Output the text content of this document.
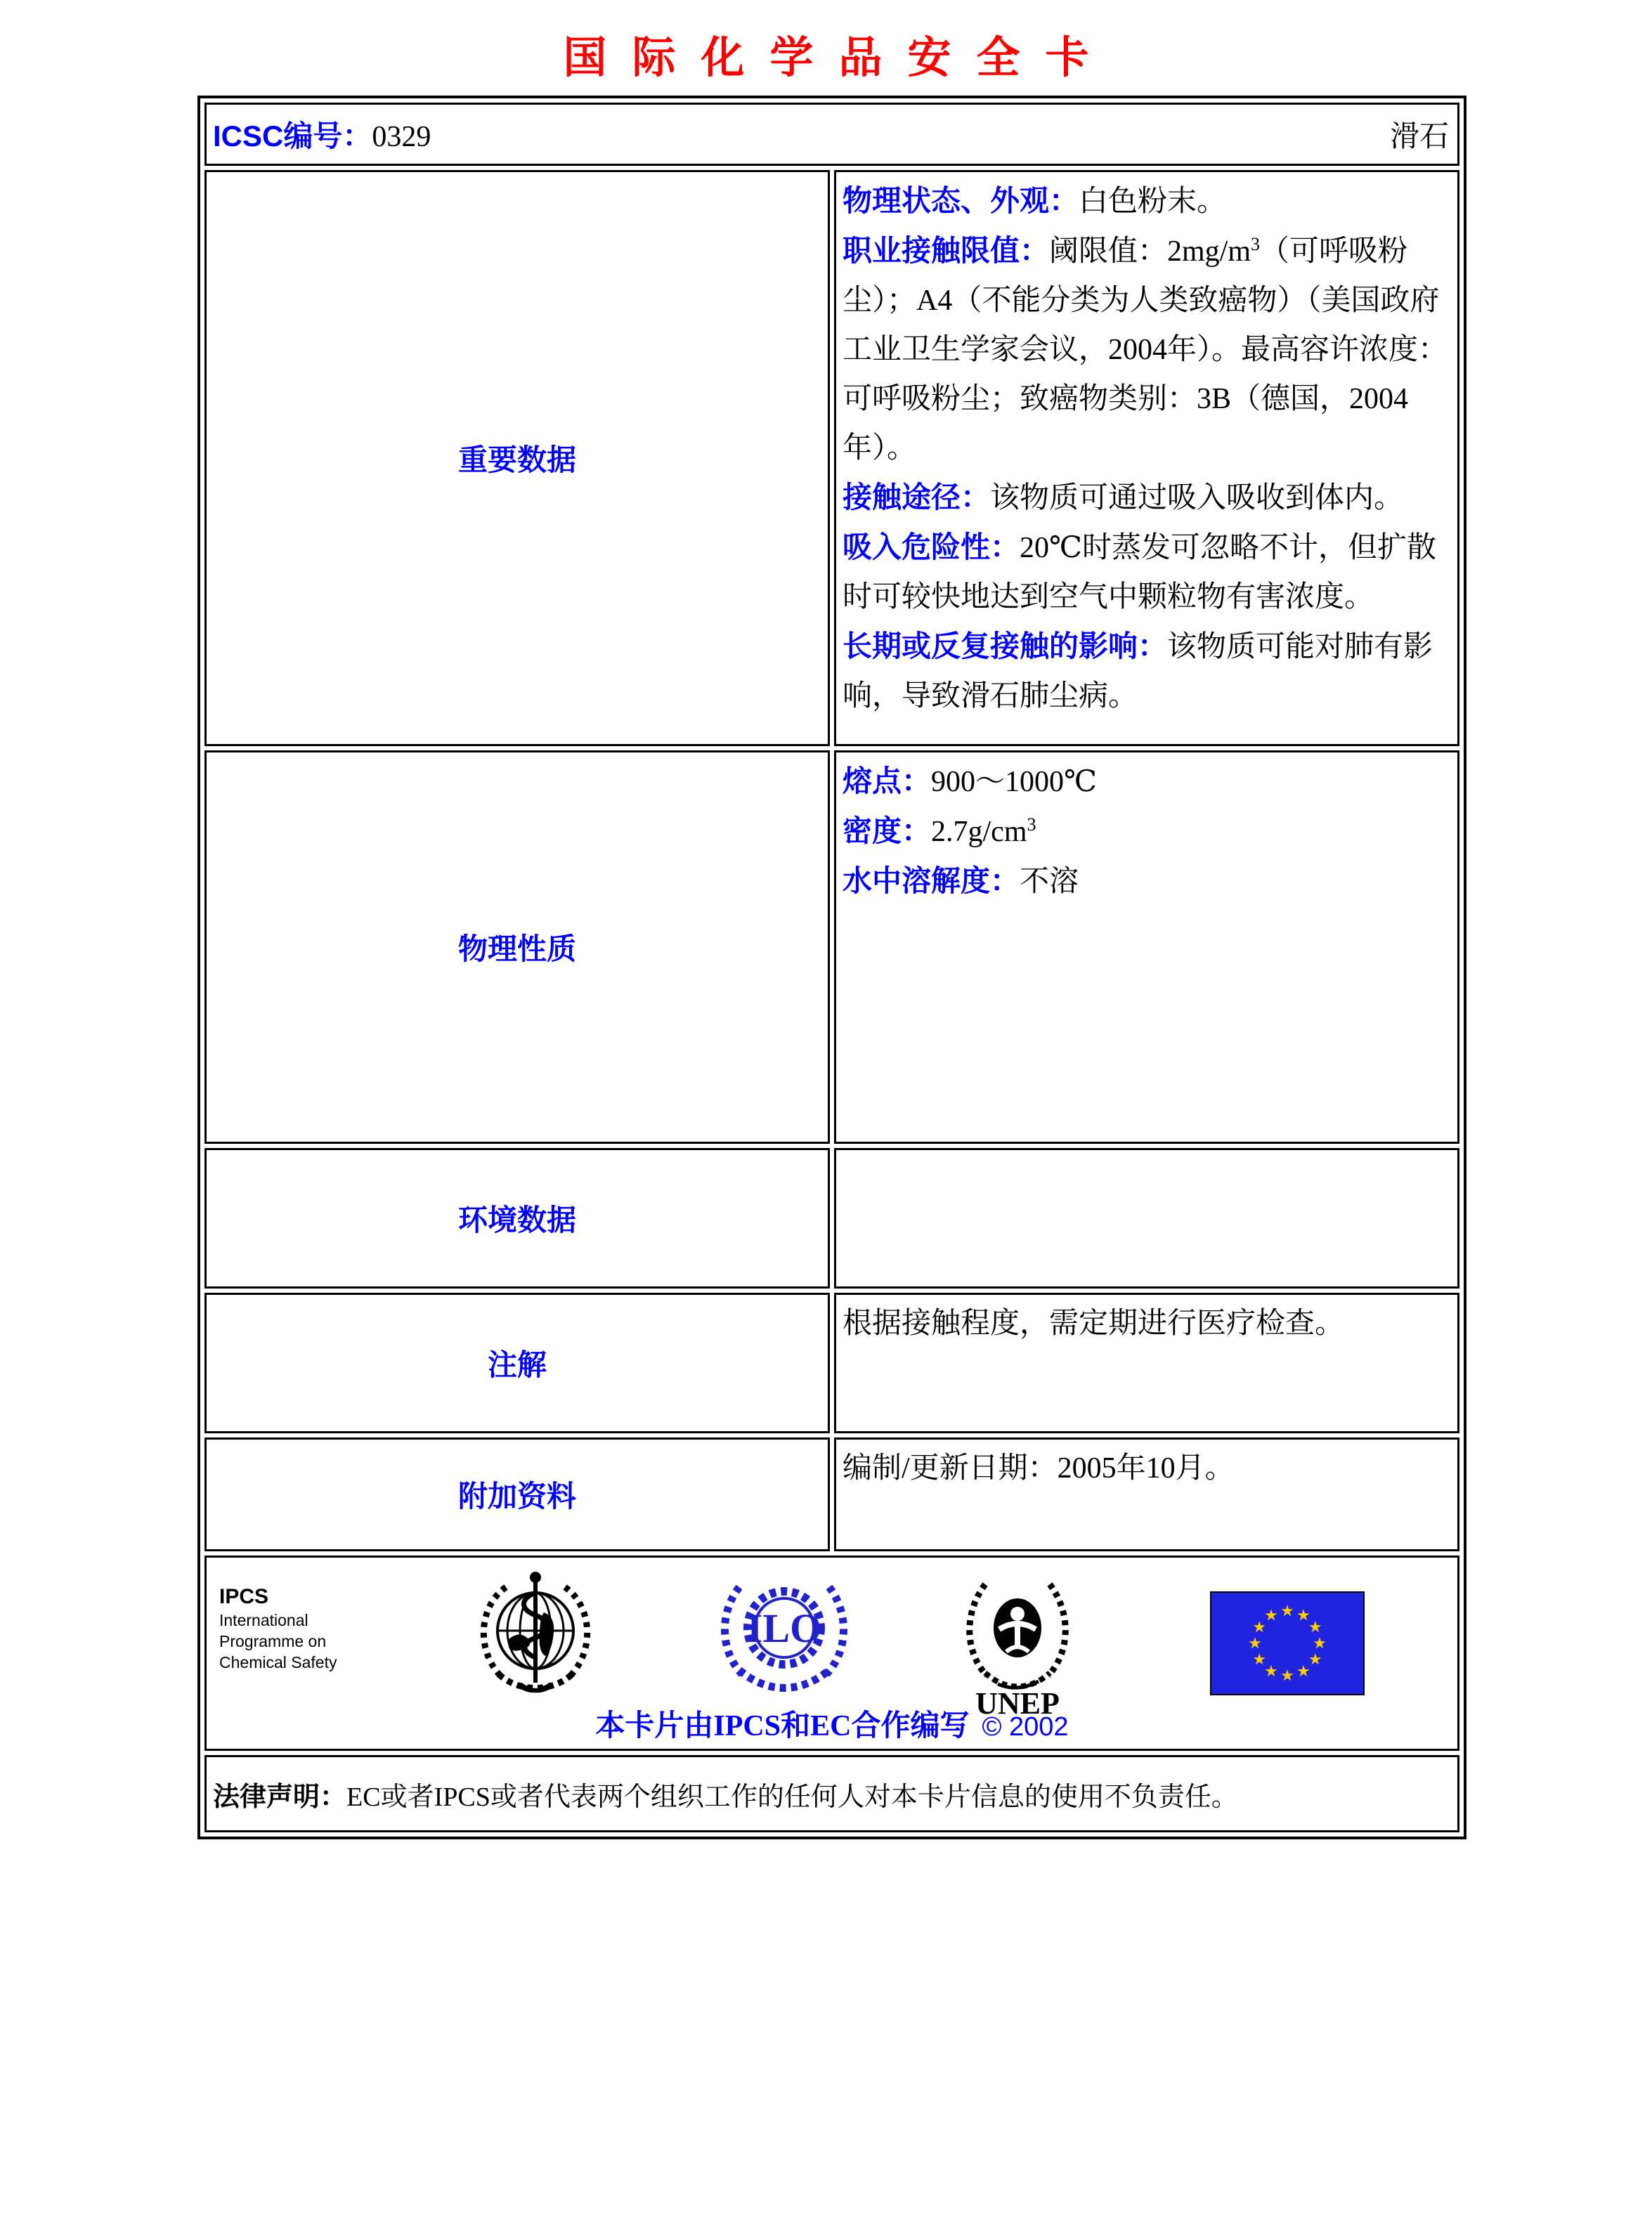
国际化学品安全卡
ICSC编号：0329 滑石	

重要数据	物理状态、外观：白色粉末。

职业接触限值：阈限值：$2mg/m^3$（可呼吸粉尘）；A4（不能分类为人类致癌物）（美国政府工业卫生学家会议，2004年）。最高容许浓度：可呼吸粉尘；致癌物类别：3B（德国，2004年）。

接触途径：该物质可通过吸入吸收到体内。

吸入危险性：20℃时蒸发可忽略不计，但扩散时可较快地达到空气中颗粒物有害浓度。

长期或反复接触的影响：该物质可能对肺有影响，导致滑石肺尘病。

物理性质	熔点：900～1000℃

密度：$2.7g/cm^3$

水中溶解度：不溶

环境数据	
注解	根据接触程度，需定期进行医疗检查。

附加资料	编制/更新日期：2005年10月。

IPCS
International
Programme on
Chemical Safety
ILO
UNEP
本卡片由IPCS和EC合作编写 © 2002

法律声明：EC或者IPCS或者代表两个组织工作的任何人对本卡片信息的使用不负责任。	
